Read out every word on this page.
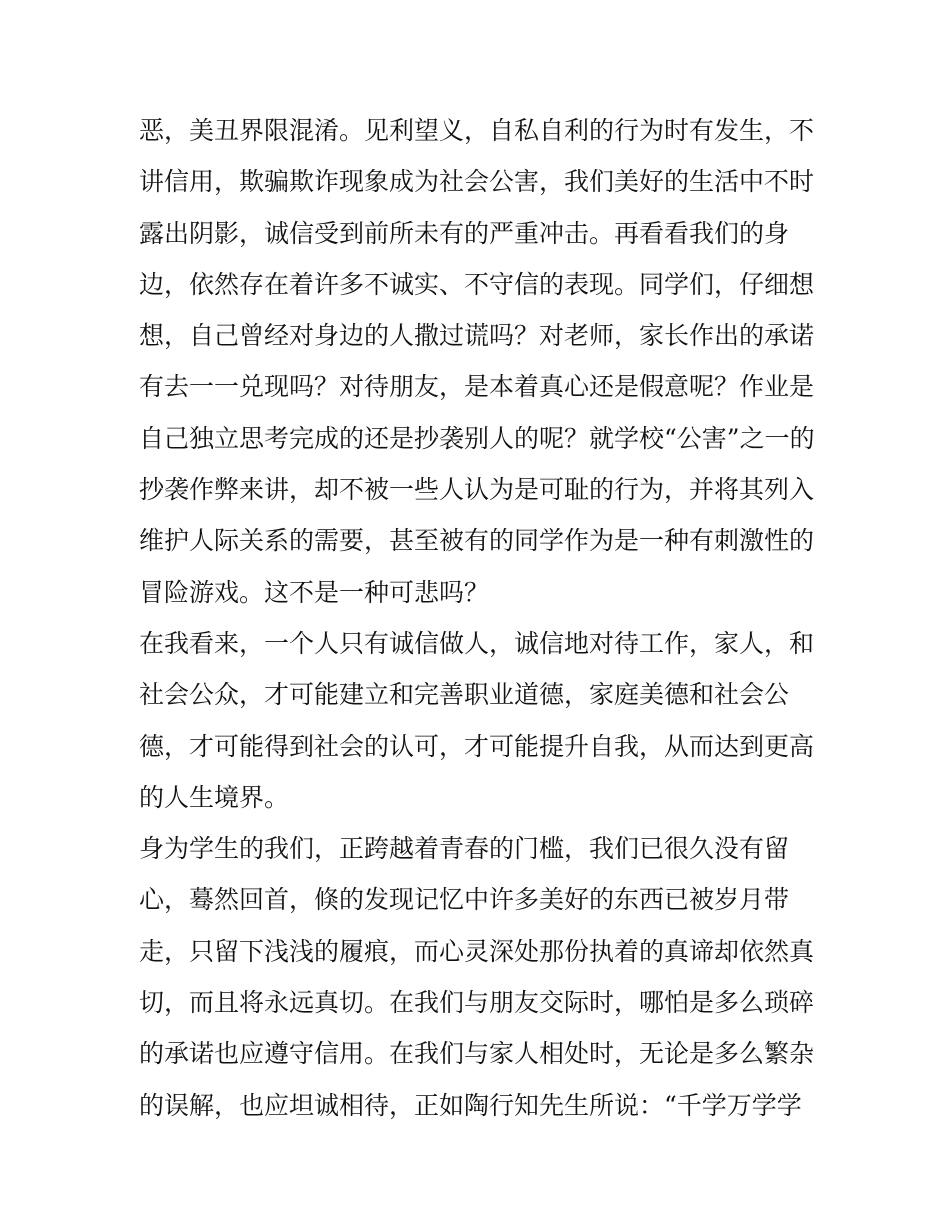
恶，美丑界限混淆。见利望义，自私自利的行为时有发生，不
讲信用，欺骗欺诈现象成为社会公害，我们美好的生活中不时
露出阴影，诚信受到前所未有的严重冲击。再看看我们的身
边，依然存在着许多不诚实、不守信的表现。同学们，仔细想
想，自己曾经对身边的人撒过谎吗？对老师，家长作出的承诺
有去一一兑现吗？对待朋友，是本着真心还是假意呢？作业是
自己独立思考完成的还是抄袭别人的呢？就学校“公害”之一的
抄袭作弊来讲，却不被一些人认为是可耻的行为，并将其列入
维护人际关系的需要，甚至被有的同学作为是一种有刺激性的
冒险游戏。这不是一种可悲吗？
在我看来，一个人只有诚信做人，诚信地对待工作，家人，和
社会公众，才可能建立和完善职业道德，家庭美德和社会公
德，才可能得到社会的认可，才可能提升自我，从而达到更高
的人生境界。
身为学生的我们，正跨越着青春的门槛，我们已很久没有留
心，蓦然回首，倏的发现记忆中许多美好的东西已被岁月带
走，只留下浅浅的履痕，而心灵深处那份执着的真谛却依然真
切，而且将永远真切。在我们与朋友交际时，哪怕是多么琐碎
的承诺也应遵守信用。在我们与家人相处时，无论是多么繁杂
的误解，也应坦诚相待，正如陶行知先生所说：“千学万学学
